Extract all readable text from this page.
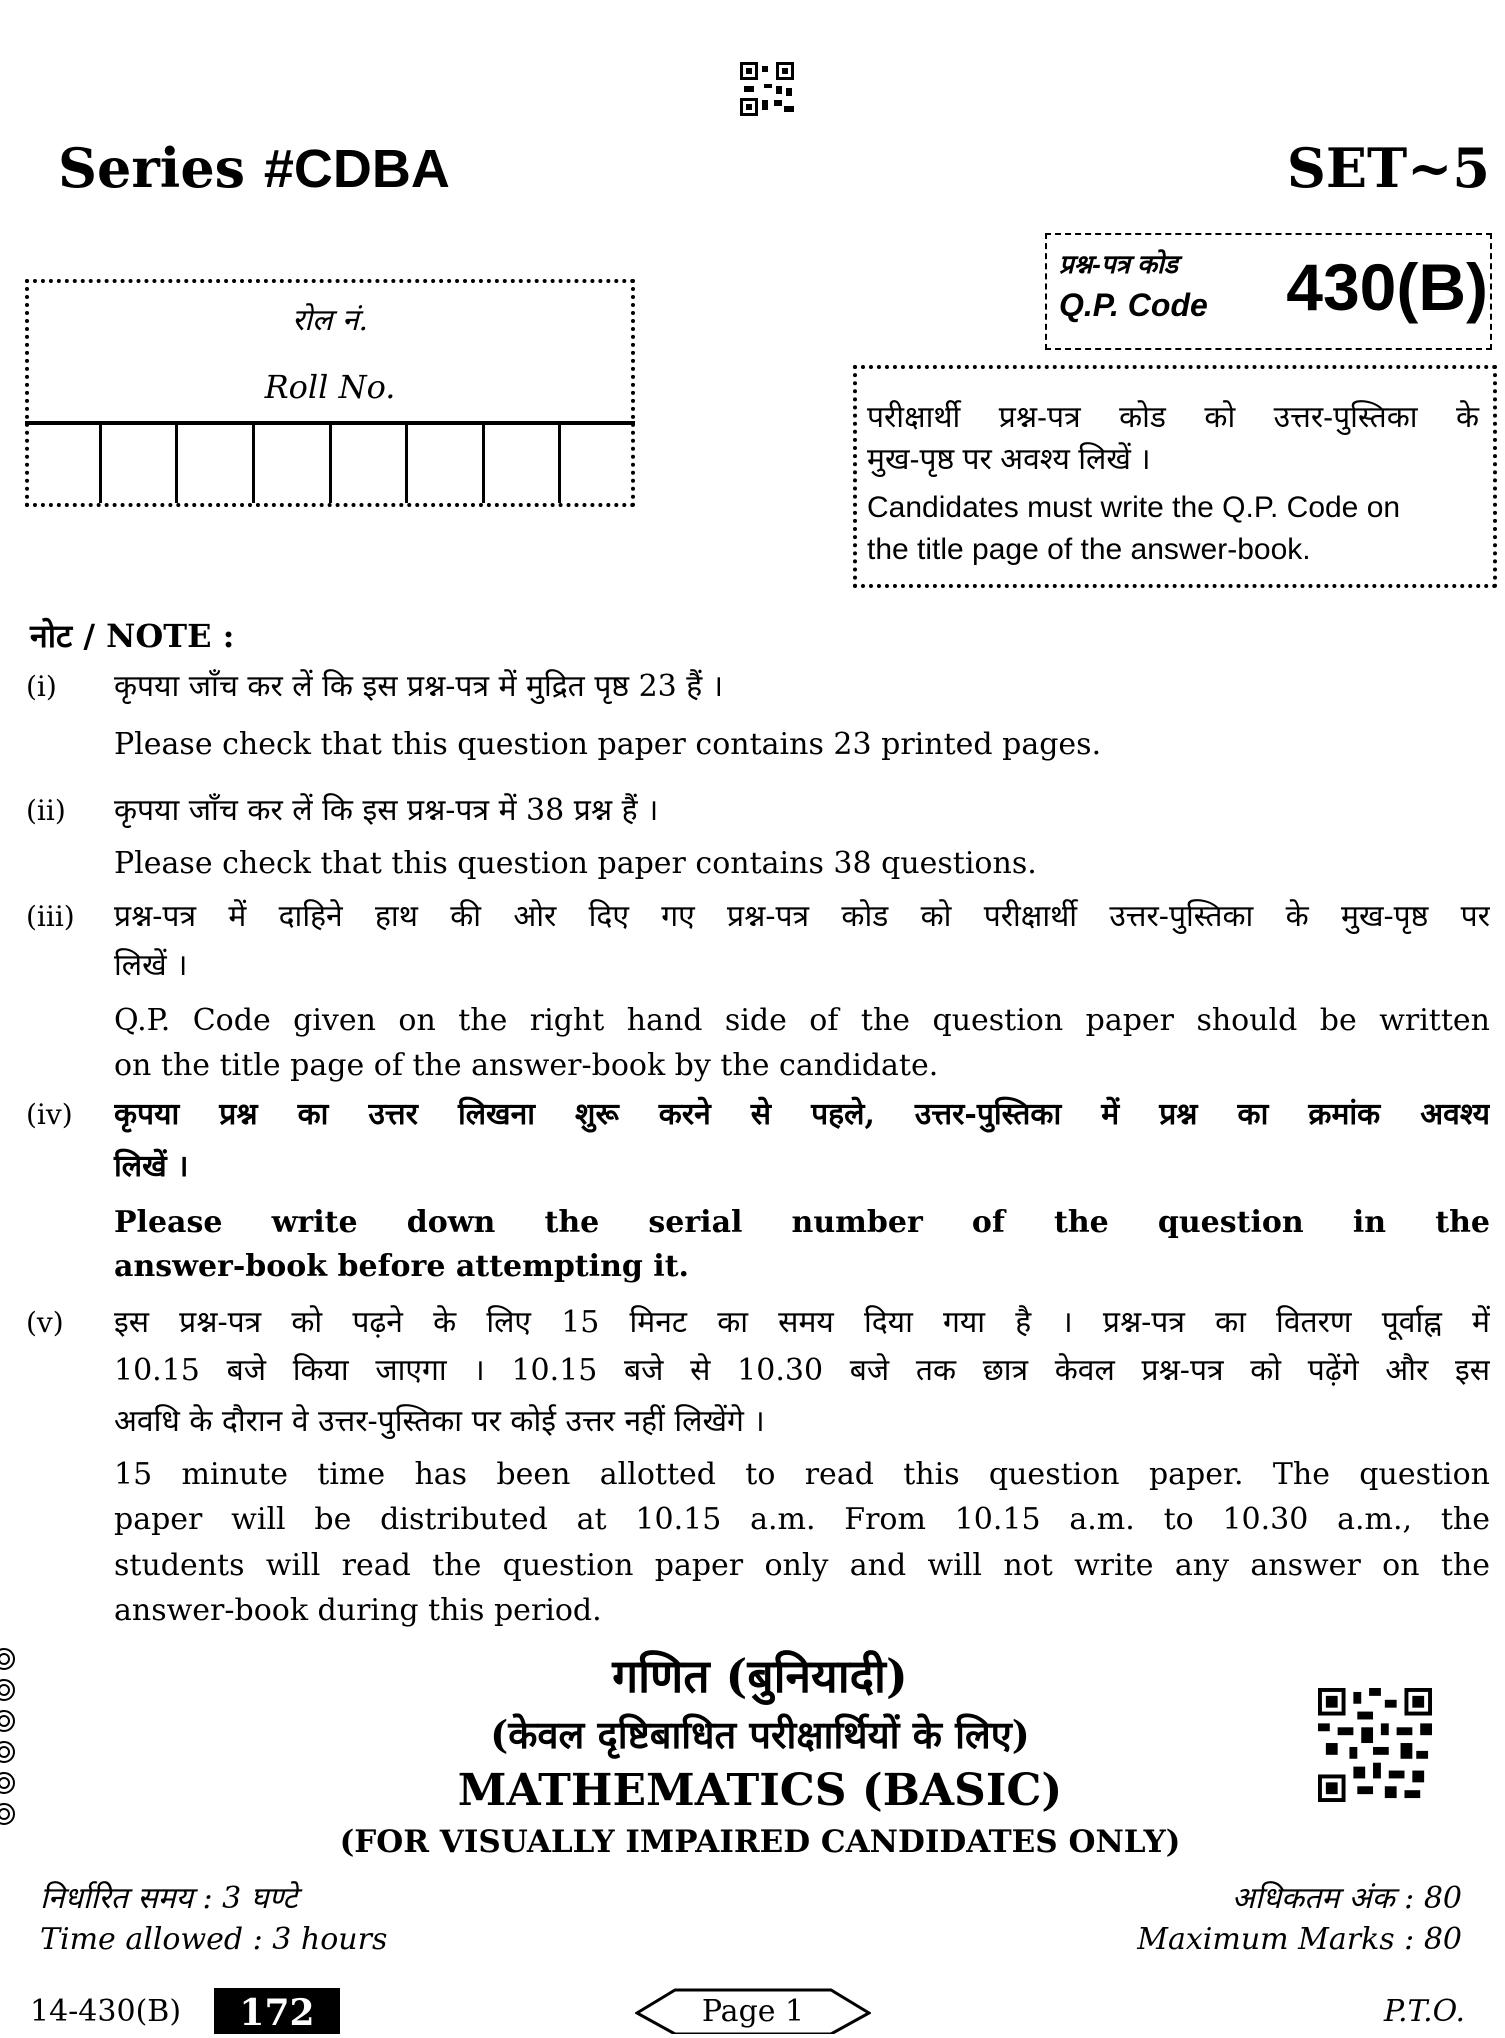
Series #CDBA	SET~5
रोल नं.
Roll No.
प्रश्न-पत्र कोड
Q.P. Code 430(B)
परीक्षार्थी प्रश्न-पत्र कोड को उत्तर-पुस्तिका के
मुख-पृष्ठ पर अवश्य लिखें ।
Candidates must write the Q.P. Code on
the title page of the answer-book.
नोट / NOTE :
(i) कृपया जाँच कर लें कि इस प्रश्न-पत्र में मुद्रित पृष्ठ 23 हैं ।
Please check that this question paper contains 23 printed pages.
(ii) कृपया जाँच कर लें कि इस प्रश्न-पत्र में 38 प्रश्न हैं ।
Please check that this question paper contains 38 questions.
(iii) प्रश्न-पत्र में दाहिने हाथ की ओर दिए गए प्रश्न-पत्र कोड को परीक्षार्थी उत्तर-पुस्तिका के मुख-पृष्ठ पर
लिखें ।
Q.P. Code given on the right hand side of the question paper should be written
on the title page of the answer-book by the candidate.
(iv) कृपया प्रश्न का उत्तर लिखना शुरू करने से पहले, उत्तर-पुस्तिका में प्रश्न का क्रमांक अवश्य
लिखें ।
Please write down the serial number of the question in the
answer-book before attempting it.
(v) इस प्रश्न-पत्र को पढ़ने के लिए 15 मिनट का समय दिया गया है । प्रश्न-पत्र का वितरण पूर्वाह्न में
10.15 बजे किया जाएगा । 10.15 बजे से 10.30 बजे तक छात्र केवल प्रश्न-पत्र को पढ़ेंगे और इस
अवधि के दौरान वे उत्तर-पुस्तिका पर कोई उत्तर नहीं लिखेंगे ।
15 minute time has been allotted to read this question paper. The question
paper will be distributed at 10.15 a.m. From 10.15 a.m. to 10.30 a.m., the
students will read the question paper only and will not write any answer on the
answer-book during this period.
गणित (बुनियादी)
(केवल दृष्टिबाधित परीक्षार्थियों के लिए)
MATHEMATICS (BASIC)
(FOR VISUALLY IMPAIRED CANDIDATES ONLY)
निर्धारित समय : 3 घण्टे
Time allowed : 3 hours
अधिकतम अंक : 80
Maximum Marks : 80
14-430(B)	172	Page 1	P.T.O.
